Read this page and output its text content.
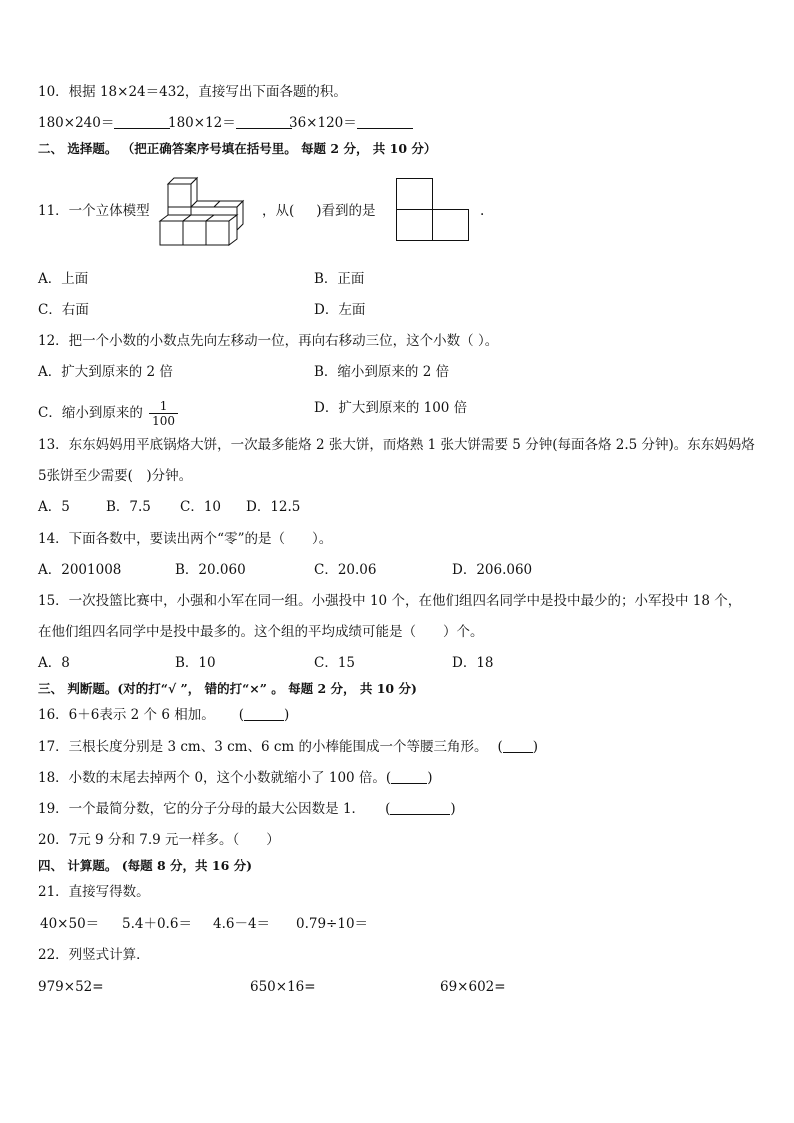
10．根据 18×24＝432，直接写出下面各题的积。
180×240＝	180×12＝	36×120＝
二、 选择题。 （把正确答案序号填在括号里。 每题 2 分， 共 10 分）
11．一个立体模型	，从( )看到的是	.
A．上面	B．正面
C．右面	D．左面
12．把一个小数的小数点先向左移动一位，再向右移动三位，这个小数（ ）。
A．扩大到原来的 2 倍	B．缩小到原来的 2 倍
C．缩小到原来的 $\frac{1}{100}$	D．扩大到原来的 100 倍
13．东东妈妈用平底锅烙大饼，一次最多能烙 2 张大饼，而烙熟 1 张大饼需要 5 分钟(每面各烙 2.5 分钟)。东东妈妈烙
5张饼至少需要(　)分钟。
A．5	B．7.5 C．10 D．12.5
14．下面各数中，要读出两个“零”的是（　　）。
A．2001008	B．20.060	C．20.06	D．206.060
15．一次投篮比赛中，小强和小军在同一组。小强投中 10 个，在他们组四名同学中是投中最少的；小军投中 18 个，
在他们组四名同学中是投中最多的。这个组的平均成绩可能是（　　）个。
A．8	B．10	C．15	D．18
三、 判断题。(对的打“√ ”， 错的打“×” 。 每题 2 分， 共 10 分)
16．6＋6表示 2 个 6 相加。 (	)
17．三根长度分别是 3 cm、3 cm、6 cm 的小棒能围成一个等腰三角形。 ( )
18．小数的末尾去掉两个 0，这个小数就缩小了 100 倍。(	)
19．一个最简分数，它的分子分母的最大公因数是 1． (	)
20．7元 9 分和 7.9 元一样多。（　　）
四、 计算题。 (每题 8 分，共 16 分)
21．直接写得数。
40×50＝ 5.4＋0.6＝ 4.6－4＝ 0.79÷10＝
22．列竖式计算．
979×52=	650×16=	69×602=
